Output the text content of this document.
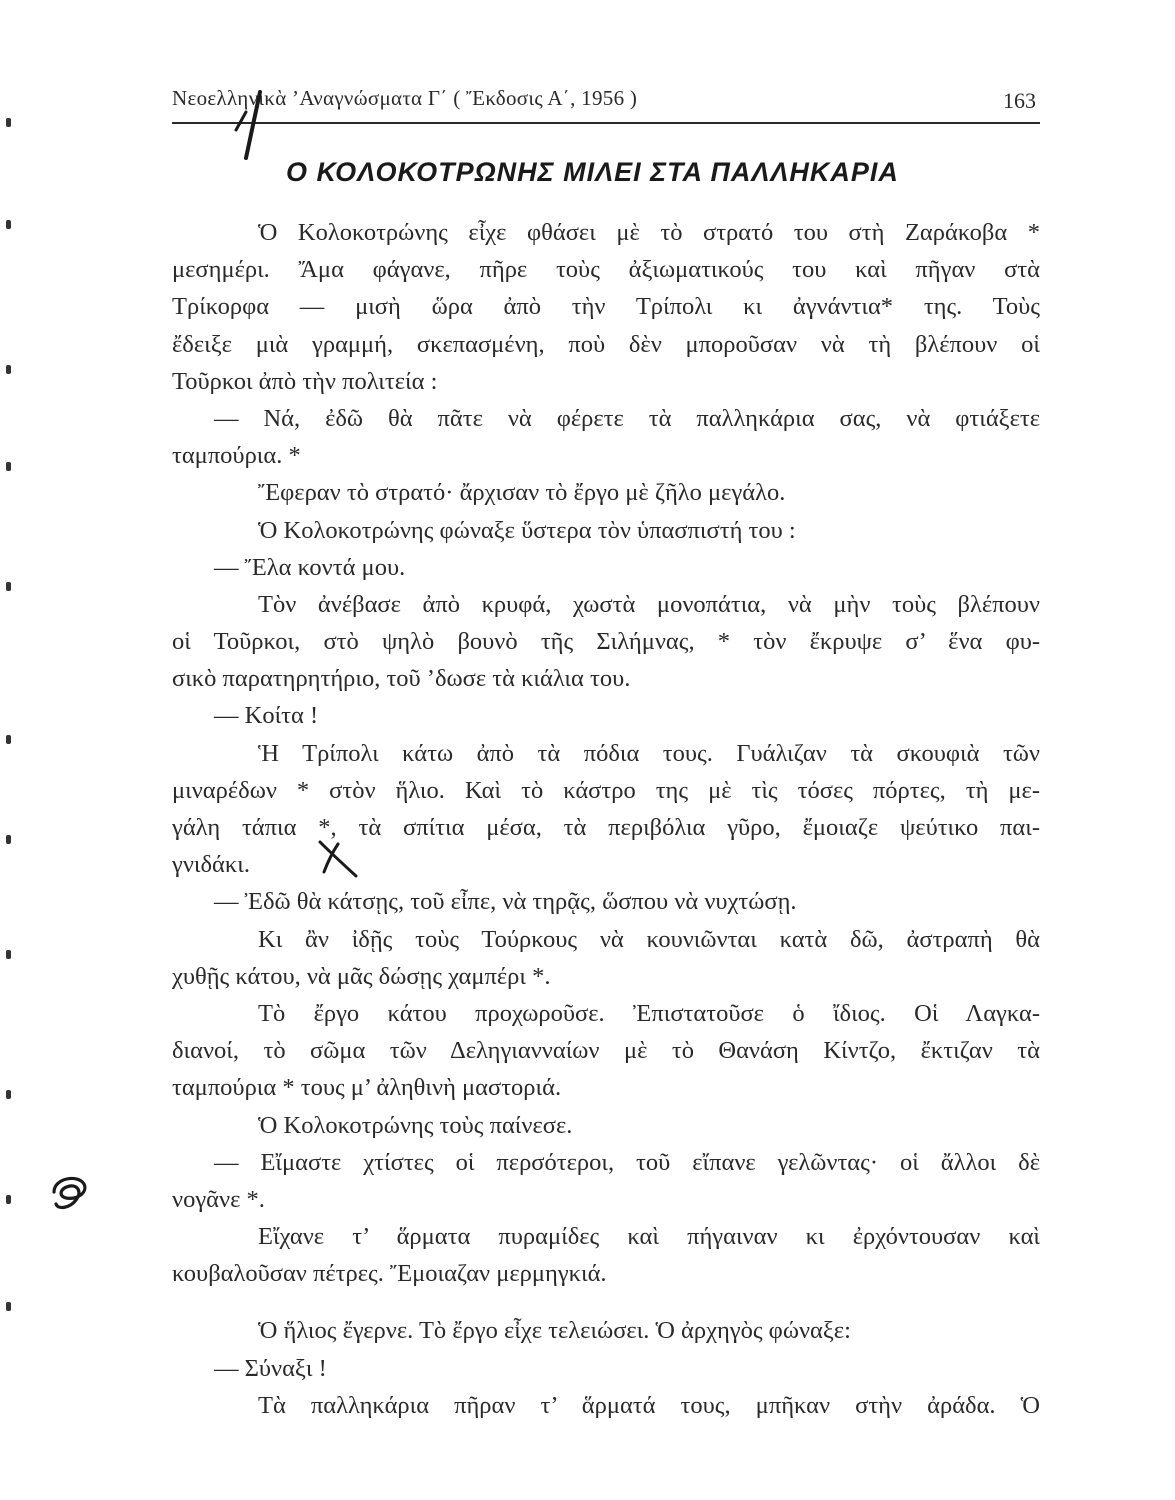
Νεοελληνικὰ ’Αναγνώσματα Γ΄ ( Ἔκδοσις Α΄, 1956 )	163
Ο ΚΟΛΟΚΟΤΡΩΝΗΣ ΜΙΛΕΙ ΣΤΑ ΠΑΛΛΗΚΑΡΙΑ
Ὁ Κολοκοτρώνης εἶχε φθάσει μὲ τὸ στρατό του στὴ Ζαράκοβα *
μεσημέρι. Ἄμα φάγανε, πῆρε τοὺς ἀξιωματικούς του καὶ πῆγαν στὰ
Τρίκορφα — μισὴ ὥρα ἀπὸ τὴν Τρίπολι κι ἀγνάντια* της. Τοὺς
ἔδειξε μιὰ γραμμή, σκεπασμένη, ποὺ δὲν μποροῦσαν νὰ τὴ βλέπουν οἱ
Τοῦρκοι ἀπὸ τὴν πολιτεία :
— Νά, ἐδῶ θὰ πᾶτε νὰ φέρετε τὰ παλληκάρια σας, νὰ φτιάξετε
ταμπούρια. *
Ἔφεραν τὸ στρατό· ἄρχισαν τὸ ἔργο μὲ ζῆλο μεγάλο.
Ὁ Κολοκοτρώνης φώναξε ὕστερα τὸν ὑπασπιστή του :
— Ἔλα κοντά μου.
Τὸν ἀνέβασε ἀπὸ κρυφά, χωστὰ μονοπάτια, νὰ μὴν τοὺς βλέπουν
οἱ Τοῦρκοι, στὸ ψηλὸ βουνὸ τῆς Σιλήμνας, * τὸν ἔκρυψε σ’ ἕνα φυ-
σικὸ παρατηρητήριο, τοῦ ’δωσε τὰ κιάλια του.
— Κοίτα !
Ἡ Τρίπολι κάτω ἀπὸ τὰ πόδια τους. Γυάλιζαν τὰ σκουφιὰ τῶν
μιναρέδων * στὸν ἥλιο. Καὶ τὸ κάστρο της μὲ τὶς τόσες πόρτες, τὴ με-
γάλη τάπια *, τὰ σπίτια μέσα, τὰ περιβόλια γῦρο, ἔμοιαζε ψεύτικο παι-
γνιδάκι.
— Ἐδῶ θὰ κάτσῃς, τοῦ εἶπε, νὰ τηρᾷς, ὥσπου νὰ νυχτώσῃ.
Κι ἂν ἰδῇς τοὺς Τούρκους νὰ κουνιῶνται κατὰ δῶ, ἀστραπὴ θὰ
χυθῇς κάτου, νὰ μᾶς δώσῃς χαμπέρι *.
Τὸ ἔργο κάτου προχωροῦσε. Ἐπιστατοῦσε ὁ ἴδιος. Οἱ Λαγκα-
διανοί, τὸ σῶμα τῶν Δεληγιανναίων μὲ τὸ Θανάση Κίντζο, ἔκτιζαν τὰ
ταμπούρια * τους μ’ ἀληθινὴ μαστοριά.
Ὁ Κολοκοτρώνης τοὺς παίνεσε.
— Εἴμαστε χτίστες οἱ περσότεροι, τοῦ εἴπανε γελῶντας· οἱ ἄλλοι δὲ
νογᾶνε *.
Εἴχανε τ’ ἅρματα πυραμίδες καὶ πήγαιναν κι ἐρχόντουσαν καὶ
κουβαλοῦσαν πέτρες. Ἔμοιαζαν μερμηγκιά.
Ὁ ἥλιος ἔγερνε. Τὸ ἔργο εἶχε τελειώσει. Ὁ ἀρχηγὸς φώναξε:
— Σύναξι !
Τὰ παλληκάρια πῆραν τ’ ἅρματά τους, μπῆκαν στὴν ἀράδα. Ὁ
